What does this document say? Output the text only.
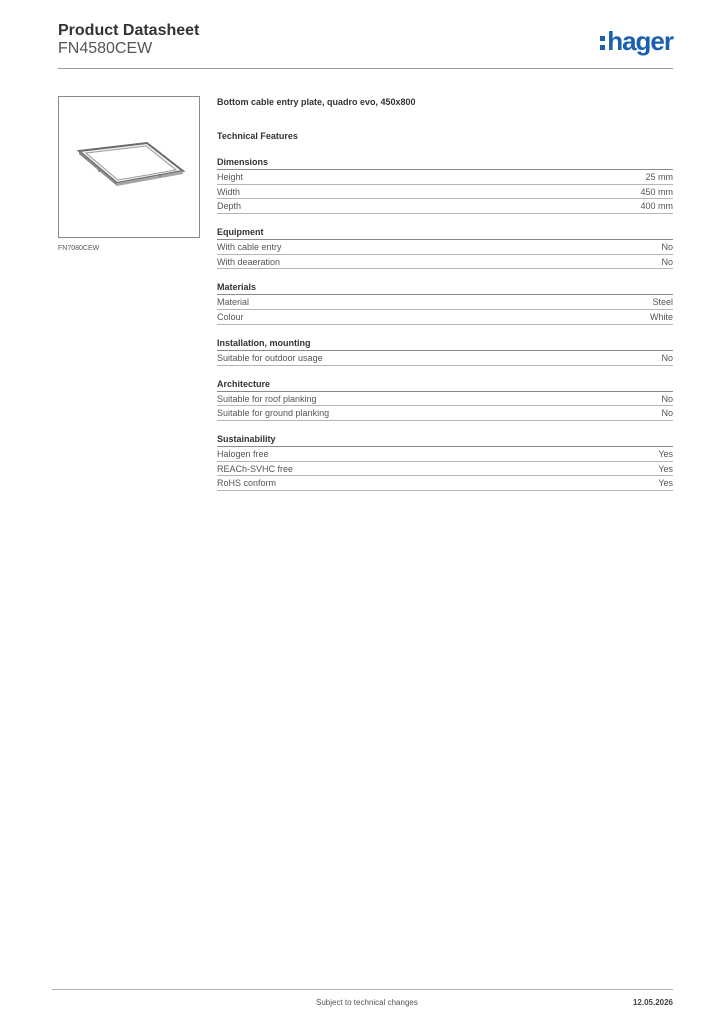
Product Datasheet
FN4580CEW	hager
FN7080CEW
Bottom cable entry plate, quadro evo, 450x800
Technical Features
Dimensions
Height	25 mm
Width	450 mm
Depth	400 mm
Equipment
With cable entry	No
With deaeration	No
Materials
Material	Steel
Colour	White
Installation, mounting
Suitable for outdoor usage	No
Architecture
Suitable for roof planking	No
Suitable for ground planking	No
Sustainability
Halogen free	Yes
REACh-SVHC free	Yes
RoHS conform	Yes
Subject to technical changes	12.05.2026
